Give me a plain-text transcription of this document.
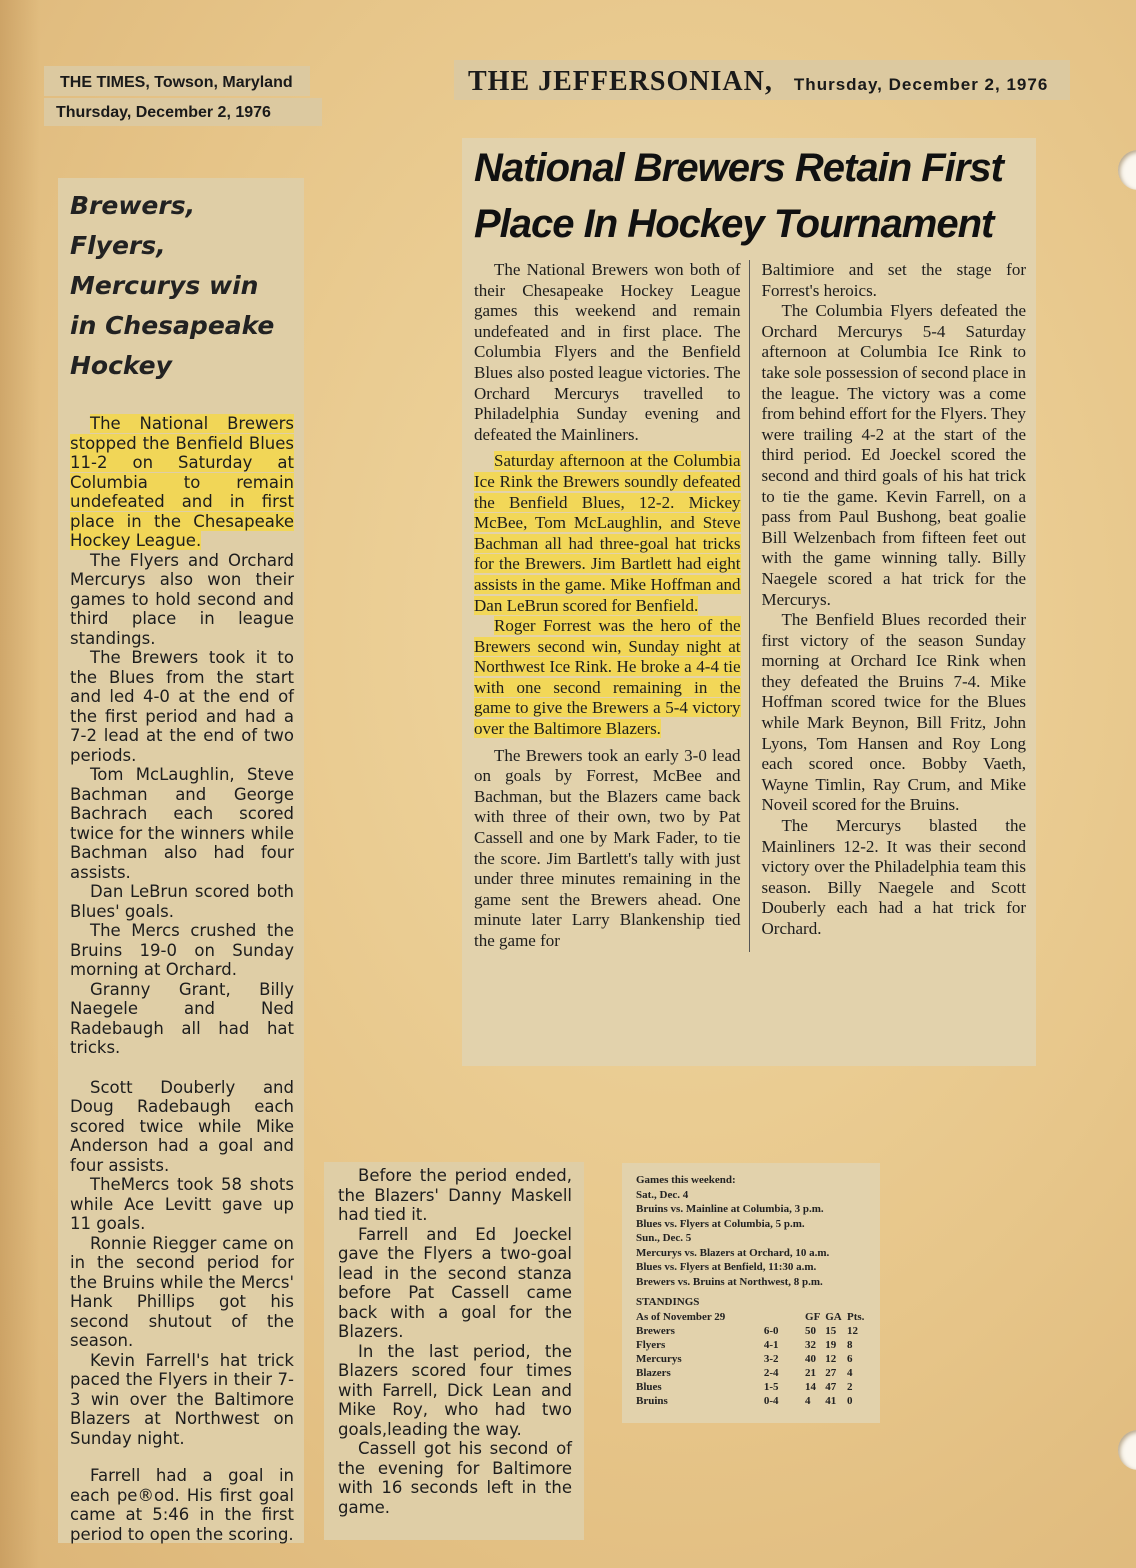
THE TIMES, Towson, Maryland
Thursday, December 2, 1976
THE JEFFERSONIAN, Thursday, December 2, 1976
Brewers, Flyers,
Mercurys win
in Chesapeake
Hockey

The National Brewers stopped the Benfield Blues 11-2 on Saturday at Columbia to remain undefeated and in first place in the Chesapeake Hockey League.

The Flyers and Orchard Mercurys also won their games to hold second and third place in league standings.

The Brewers took it to the Blues from the start and led 4-0 at the end of the first period and had a 7-2 lead at the end of two periods.

Tom McLaughlin, Steve Bachman and George Bachrach each scored twice for the winners while Bachman also had four assists.

Dan LeBrun scored both Blues' goals.

The Mercs crushed the Bruins 19-0 on Sunday morning at Orchard.

Granny Grant, Billy Naegele and Ned Radebaugh all had hat tricks.

Scott Douberly and Doug Radebaugh each scored twice while Mike Anderson had a goal and four assists.

TheMercs took 58 shots while Ace Levitt gave up 11 goals.

Ronnie Riegger came on in the second period for the Bruins while the Mercs' Hank Phillips got his second shutout of the season.

Kevin Farrell's hat trick paced the Flyers in their 7-3 win over the Baltimore Blazers at Northwest on Sunday night.

Farrell had a goal in each pe®od. His first goal came at 5:46 in the first period to open the scoring.

Before the period ended, the Blazers' Danny Maskell had tied it.

Farrell and Ed Joeckel gave the Flyers a two-goal lead in the second stanza before Pat Cassell came back with a goal for the Blazers.

In the last period, the Blazers scored four times with Farrell, Dick Lean and Mike Roy, who had two goals,leading the way.

Cassell got his second of the evening for Baltimore with 16 seconds left in the game.

National Brewers Retain First
Place In Hockey Tournament

The National Brewers won both of their Chesapeake Hockey League games this weekend and remain undefeated and in first place. The Columbia Flyers and the Benfield Blues also posted league victories. The Orchard Mercurys travelled to Philadelphia Sunday evening and defeated the Mainliners.

Saturday afternoon at the Columbia Ice Rink the Brewers soundly defeated the Benfield Blues, 12-2. Mickey McBee, Tom McLaughlin, and Steve Bachman all had three-goal hat tricks for the Brewers. Jim Bartlett had eight assists in the game. Mike Hoffman and Dan LeBrun scored for Benfield.

Roger Forrest was the hero of the Brewers second win, Sunday night at Northwest Ice Rink. He broke a 4-4 tie with one second remaining in the game to give the Brewers a 5-4 victory over the Baltimore Blazers.

The Brewers took an early 3-0 lead on goals by Forrest, McBee and Bachman, but the Blazers came back with three of their own, two by Pat Cassell and one by Mark Fader, to tie the score. Jim Bartlett's tally with just under three minutes remaining in the game sent the Brewers ahead. One minute later Larry Blankenship tied the game for

Baltimiore and set the stage for Forrest's heroics.

The Columbia Flyers defeated the Orchard Mercurys 5-4 Saturday afternoon at Columbia Ice Rink to take sole possession of second place in the league. The victory was a come from behind effort for the Flyers. They were trailing 4-2 at the start of the third period. Ed Joeckel scored the second and third goals of his hat trick to tie the game. Kevin Farrell, on a pass from Paul Bushong, beat goalie Bill Welzenbach from fifteen feet out with the game winning tally. Billy Naegele scored a hat trick for the Mercurys.

The Benfield Blues recorded their first victory of the season Sunday morning at Orchard Ice Rink when they defeated the Bruins 7-4. Mike Hoffman scored twice for the Blues while Mark Beynon, Bill Fritz, John Lyons, Tom Hansen and Roy Long each scored once. Bobby Vaeth, Wayne Timlin, Ray Crum, and Mike Noveil scored for the Bruins.

The Mercurys blasted the Mainliners 12-2. It was their second victory over the Philadelphia team this season. Billy Naegele and Scott Douberly each had a hat trick for Orchard.

Games this weekend:
Sat., Dec. 4
Bruins vs. Mainline at Columbia, 3 p.m.
Blues vs. Flyers at Columbia, 5 p.m.
Sun., Dec. 5
Mercurys vs. Blazers at Orchard, 10 a.m.
Blues vs. Flyers at Benfield, 11:30 a.m.
Brewers vs. Bruins at Northwest, 8 p.m.
STANDINGS
As of November 29		GF	GA	Pts.
Brewers	6-0	50	15	12
Flyers	4-1	32	19	8
Mercurys	3-2	40	12	6
Blazers	2-4	21	27	4
Blues	1-5	14	47	2
Bruins	0-4	4	41	0
